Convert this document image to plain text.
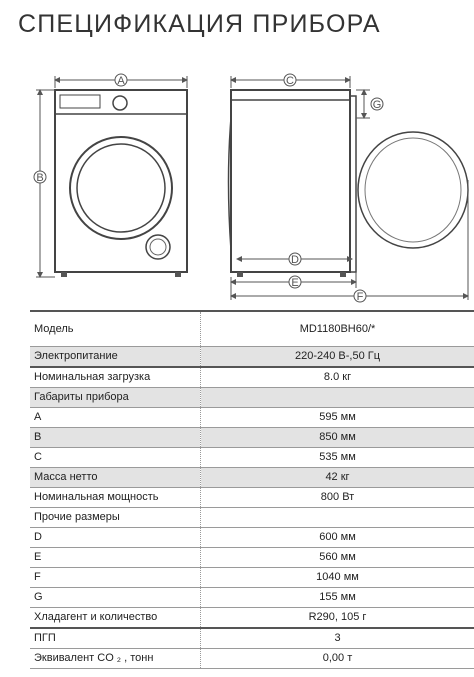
СПЕЦИФИКАЦИЯ ПРИБОРА
A
B
C
G
D
E
F
Модель	MD1180BH60/*
Электропитание	220-240 В-,50 Гц
Номинальная загрузка	8.0 кг
Габариты прибора	
A	595 мм
B	850 мм
C	535 мм
Масса нетто	42 кг
Номинальная мощность	800 Вт
Прочие размеры	
D	600 мм
E	560 мм
F	1040 мм
G	155 мм
Хладагент и количество	R290, 105 г
ПГП	3
Эквивалент CO ₂ , тонн	0,00 т
